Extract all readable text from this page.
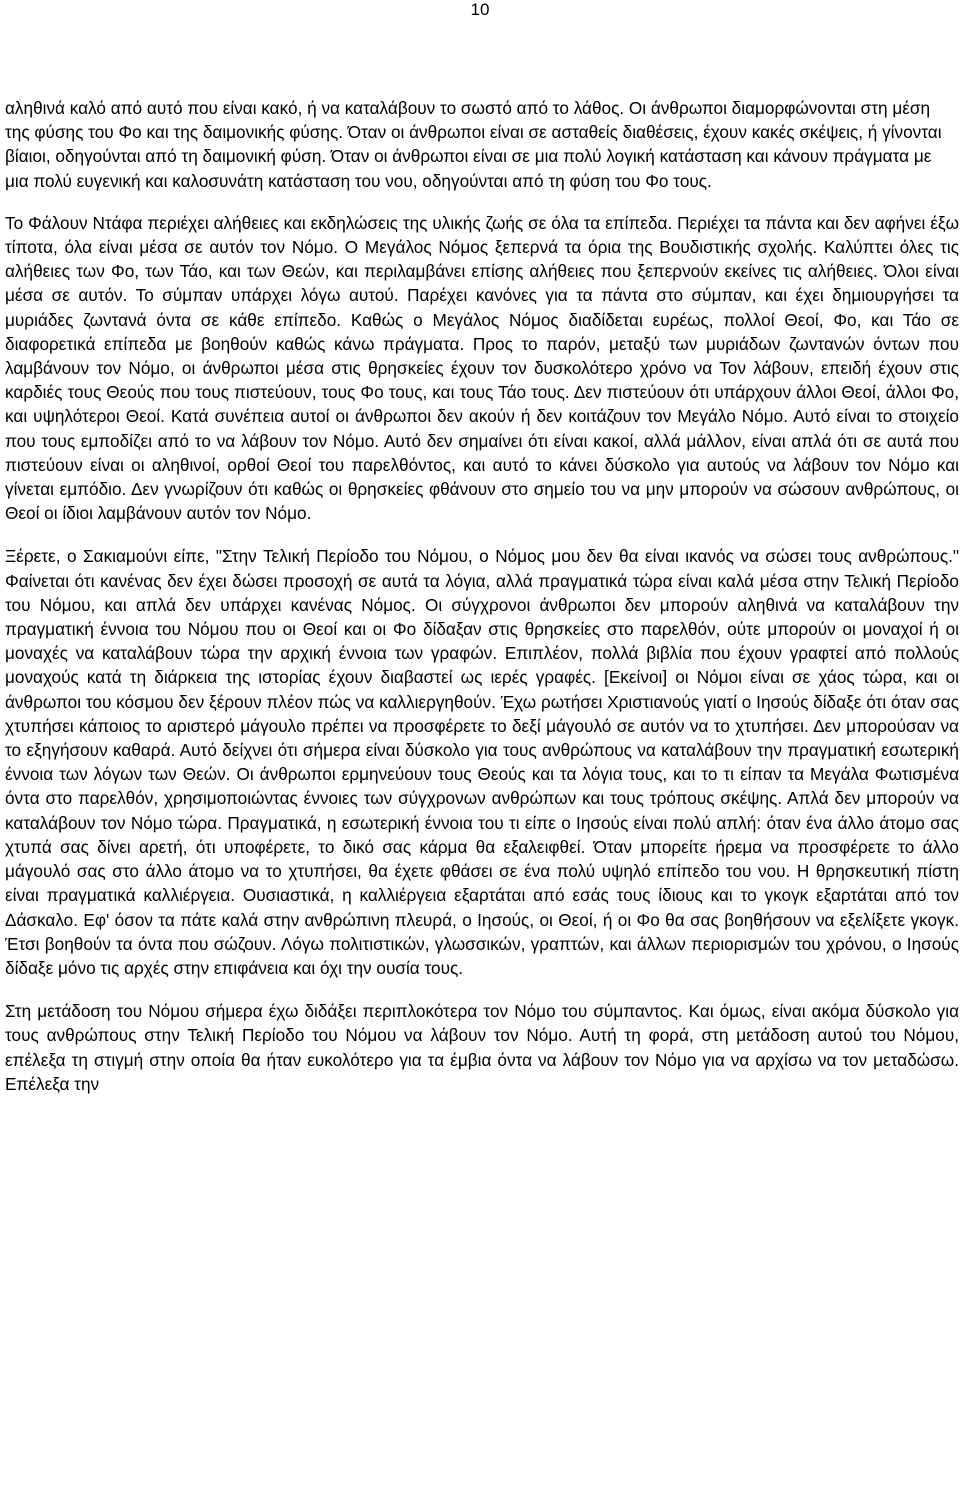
10

αληθινά καλό από αυτό που είναι κακό, ή να καταλάβουν το σωστό από το λάθος. Οι άνθρωποι διαμορφώνονται στη μέση της φύσης του Φο και της δαιμονικής φύσης. Όταν οι άνθρωποι είναι σε ασταθείς διαθέσεις, έχουν κακές σκέψεις, ή γίνονται βίαιοι, οδηγούνται από τη δαιμονική φύση. Όταν οι άνθρωποι είναι σε μια πολύ λογική κατάσταση και κάνουν πράγματα με μια πολύ ευγενική και καλοσυνάτη κατάσταση του νου, οδηγούνται από τη φύση του Φο τους.

Το Φάλουν Ντάφα περιέχει αλήθειες και εκδηλώσεις της υλικής ζωής σε όλα τα επίπεδα. Περιέχει τα πάντα και δεν αφήνει έξω τίποτα, όλα είναι μέσα σε αυτόν τον Νόμο. Ο Μεγάλος Νόμος ξεπερνά τα όρια της Βουδιστικής σχολής. Καλύπτει όλες τις αλήθειες των Φο, των Τάο, και των Θεών, και περιλαμβάνει επίσης αλήθειες που ξεπερνούν εκείνες τις αλήθειες. Όλοι είναι μέσα σε αυτόν. Το σύμπαν υπάρχει λόγω αυτού. Παρέχει κανόνες για τα πάντα στο σύμπαν, και έχει δημιουργήσει τα μυριάδες ζωντανά όντα σε κάθε επίπεδο. Καθώς ο Μεγάλος Νόμος διαδίδεται ευρέως, πολλοί Θεοί, Φο, και Τάο σε διαφορετικά επίπεδα με βοηθούν καθώς κάνω πράγματα. Προς το παρόν, μεταξύ των μυριάδων ζωντανών όντων που λαμβάνουν τον Νόμο, οι άνθρωποι μέσα στις θρησκείες έχουν τον δυσκολότερο χρόνο να Τον λάβουν, επειδή έχουν στις καρδιές τους Θεούς που τους πιστεύουν, τους Φο τους, και τους Τάο τους. Δεν πιστεύουν ότι υπάρχουν άλλοι Θεοί, άλλοι Φο, και υψηλότεροι Θεοί. Κατά συνέπεια αυτοί οι άνθρωποι δεν ακούν ή δεν κοιτάζουν τον Μεγάλο Νόμο. Αυτό είναι το στοιχείο που τους εμποδίζει από το να λάβουν τον Νόμο. Αυτό δεν σημαίνει ότι είναι κακοί, αλλά μάλλον, είναι απλά ότι σε αυτά που πιστεύουν είναι οι αληθινοί, ορθοί Θεοί του παρελθόντος, και αυτό το κάνει δύσκολο για αυτούς να λάβουν τον Νόμο και γίνεται εμπόδιο. Δεν γνωρίζουν ότι καθώς οι θρησκείες φθάνουν στο σημείο του να μην μπορούν να σώσουν ανθρώπους, οι Θεοί οι ίδιοι λαμβάνουν αυτόν τον Νόμο.

Ξέρετε, ο Σακιαμούνι είπε, "Στην Τελική Περίοδο του Νόμου, ο Νόμος μου δεν θα είναι ικανός να σώσει τους ανθρώπους." Φαίνεται ότι κανένας δεν έχει δώσει προσοχή σε αυτά τα λόγια, αλλά πραγματικά τώρα είναι καλά μέσα στην Τελική Περίοδο του Νόμου, και απλά δεν υπάρχει κανένας Νόμος. Οι σύγχρονοι άνθρωποι δεν μπορούν αληθινά να καταλάβουν την πραγματική έννοια του Νόμου που οι Θεοί και οι Φο δίδαξαν στις θρησκείες στο παρελθόν, ούτε μπορούν οι μοναχοί ή οι μοναχές να καταλάβουν τώρα την αρχική έννοια των γραφών. Επιπλέον, πολλά βιβλία που έχουν γραφτεί από πολλούς μοναχούς κατά τη διάρκεια της ιστορίας έχουν διαβαστεί ως ιερές γραφές. [Εκείνοι] οι Νόμοι είναι σε χάος τώρα, και οι άνθρωποι του κόσμου δεν ξέρουν πλέον πώς να καλλιεργηθούν. Έχω ρωτήσει Χριστιανούς γιατί ο Ιησούς δίδαξε ότι όταν σας χτυπήσει κάποιος το αριστερό μάγουλο πρέπει να προσφέρετε το δεξί μάγουλό σε αυτόν να το χτυπήσει. Δεν μπορούσαν να το εξηγήσουν καθαρά. Αυτό δείχνει ότι σήμερα είναι δύσκολο για τους ανθρώπους να καταλάβουν την πραγματική εσωτερική έννοια των λόγων των Θεών. Οι άνθρωποι ερμηνεύουν τους Θεούς και τα λόγια τους, και το τι είπαν τα Μεγάλα Φωτισμένα όντα στο παρελθόν, χρησιμοποιώντας έννοιες των σύγχρονων ανθρώπων και τους τρόπους σκέψης. Απλά δεν μπορούν να καταλάβουν τον Νόμο τώρα. Πραγματικά, η εσωτερική έννοια του τι είπε ο Ιησούς είναι πολύ απλή: όταν ένα άλλο άτομο σας χτυπά σας δίνει αρετή, ότι υποφέρετε, το δικό σας κάρμα θα εξαλειφθεί. Όταν μπορείτε ήρεμα να προσφέρετε το άλλο μάγουλό σας στο άλλο άτομο να το χτυπήσει, θα έχετε φθάσει σε ένα πολύ υψηλό επίπεδο του νου. Η θρησκευτική πίστη είναι πραγματικά καλλιέργεια. Ουσιαστικά, η καλλιέργεια εξαρτάται από εσάς τους ίδιους και το γκογκ εξαρτάται από τον Δάσκαλο. Εφ' όσον τα πάτε καλά στην ανθρώπινη πλευρά, ο Ιησούς, οι Θεοί, ή οι Φο θα σας βοηθήσουν να εξελίξετε γκογκ. Έτσι βοηθούν τα όντα που σώζουν. Λόγω πολιτιστικών, γλωσσικών, γραπτών, και άλλων περιορισμών του χρόνου, ο Ιησούς δίδαξε μόνο τις αρχές στην επιφάνεια και όχι την ουσία τους.

Στη μετάδοση του Νόμου σήμερα έχω διδάξει περιπλοκότερα τον Νόμο του σύμπαντος. Και όμως, είναι ακόμα δύσκολο για τους ανθρώπους στην Τελική Περίοδο του Νόμου να λάβουν τον Νόμο. Αυτή τη φορά, στη μετάδοση αυτού του Νόμου, επέλεξα τη στιγμή στην οποία θα ήταν ευκολότερο για τα έμβια όντα να λάβουν τον Νόμο για να αρχίσω να τον μεταδώσω. Επέλεξα την
